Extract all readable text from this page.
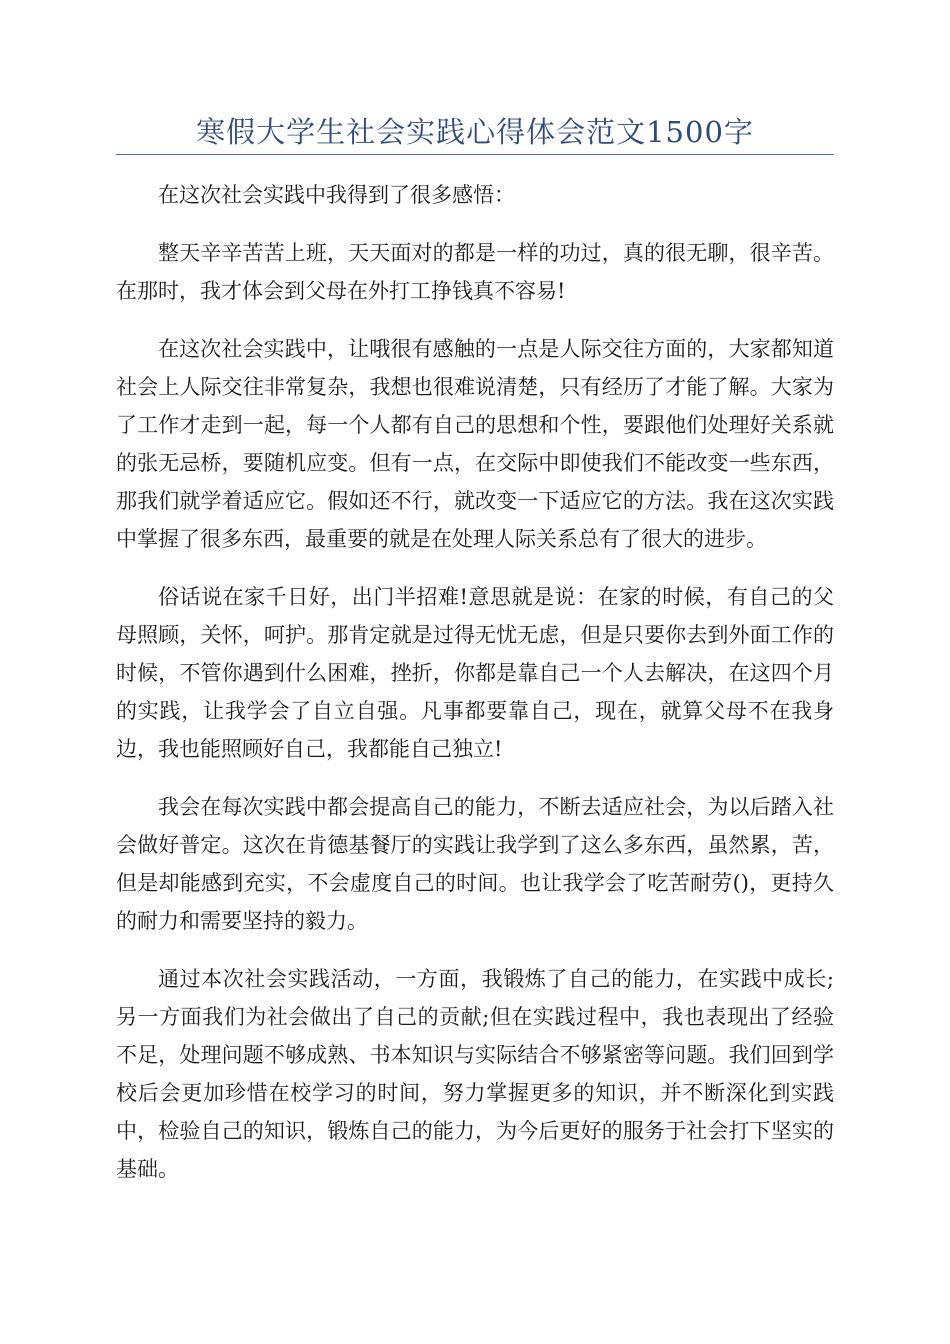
寒假大学生社会实践心得体会范文1500字

在这次社会实践中我得到了很多感悟：

整天辛辛苦苦上班，天天面对的都是一样的功过，真的很无聊，很辛苦。在那时，我才体会到父母在外打工挣钱真不容易!

在这次社会实践中，让哦很有感触的一点是人际交往方面的，大家都知道社会上人际交往非常复杂，我想也很难说清楚，只有经历了才能了解。大家为了工作才走到一起，每一个人都有自己的思想和个性，要跟他们处理好关系就的张无忌桥，要随机应变。但有一点，在交际中即使我们不能改变一些东西，那我们就学着适应它。假如还不行，就改变一下适应它的方法。我在这次实践中掌握了很多东西，最重要的就是在处理人际关系总有了很大的进步。

俗话说在家千日好，出门半招难!意思就是说：在家的时候，有自己的父母照顾，关怀，呵护。那肯定就是过得无忧无虑，但是只要你去到外面工作的时候，不管你遇到什么困难，挫折，你都是靠自己一个人去解决，在这四个月的实践，让我学会了自立自强。凡事都要靠自己，现在，就算父母不在我身边，我也能照顾好自己，我都能自己独立!

我会在每次实践中都会提高自己的能力，不断去适应社会，为以后踏入社会做好普定。这次在肯德基餐厅的实践让我学到了这么多东西，虽然累，苦，但是却能感到充实，不会虚度自己的时间。也让我学会了吃苦耐劳()，更持久的耐力和需要坚持的毅力。

通过本次社会实践活动，一方面，我锻炼了自己的能力，在实践中成长;另一方面我们为社会做出了自己的贡献;但在实践过程中，我也表现出了经验不足，处理问题不够成熟、书本知识与实际结合不够紧密等问题。我们回到学校后会更加珍惜在校学习的时间，努力掌握更多的知识，并不断深化到实践中，检验自己的知识，锻炼自己的能力，为今后更好的服务于社会打下坚实的基础。
